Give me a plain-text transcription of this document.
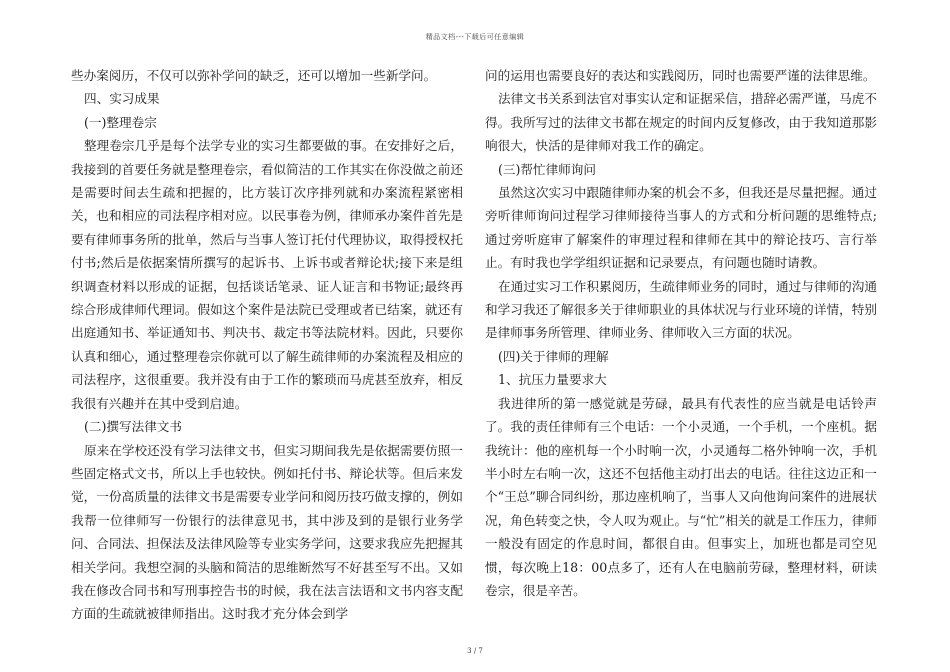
精品文档---下载后可任意编辑

些办案阅历，不仅可以弥补学问的缺乏，还可以增加一些新学问。

四、实习成果

(一)整理卷宗

整理卷宗几乎是每个法学专业的实习生都要做的事。在安排好之后，我接到的首要任务就是整理卷宗，看似简洁的工作其实在你没做之前还是需要时间去生疏和把握的，比方装订次序排列就和办案流程紧密相关，也和相应的司法程序相对应。以民事卷为例，律师承办案件首先是要有律师事务所的批单，然后与当事人签订托付代理协议，取得授权托付书;然后是依据案情所撰写的起诉书、上诉书或者辩论状;接下来是组织调查材料以形成的证据，包括谈话笔录、证人证言和书物证;最终再综合形成律师代理词。假如这个案件是法院已受理或者已结案，就还有出庭通知书、举证通知书、判决书、裁定书等法院材料。因此，只要你认真和细心，通过整理卷宗你就可以了解生疏律师的办案流程及相应的司法程序，这很重要。我并没有由于工作的繁琐而马虎甚至放弃，相反我很有兴趣并在其中受到启迪。

(二)撰写法律文书

原来在学校还没有学习法律文书，但实习期间我先是依据需要仿照一些固定格式文书，所以上手也较快。例如托付书、辩论状等。但后来发觉，一份高质量的法律文书是需要专业学问和阅历技巧做支撑的，例如我帮一位律师写一份银行的法律意见书，其中涉及到的是银行业务学问、合同法、担保法及法律风险等专业实务学问，这要求我应先把握其相关学问。我想空洞的头脑和简洁的思维断然写不好甚至写不出。又如我在修改合同书和写刑事控告书的时候，我在法言法语和文书内容支配方面的生疏就被律师指出。这时我才充分体会到学

问的运用也需要良好的表达和实践阅历，同时也需要严谨的法律思维。

法律文书关系到法官对事实认定和证据采信，措辞必需严谨，马虎不得。我所写过的法律文书都在规定的时间内反复修改，由于我知道那影响很大，快活的是律师对我工作的确定。

(三)帮忙律师询问

虽然这次实习中跟随律师办案的机会不多，但我还是尽量把握。通过旁听律师询问过程学习律师接待当事人的方式和分析问题的思维特点;通过旁听庭审了解案件的审理过程和律师在其中的辩论技巧、言行举止。有时我也学学组织证据和记录要点，有问题也随时请教。

在通过实习工作积累阅历，生疏律师业务的同时，通过与律师的沟通和学习我还了解很多关于律师职业的具体状况与行业环境的详情，特别是律师事务所管理、律师业务、律师收入三方面的状况。

(四)关于律师的理解

1、抗压力量要求大

我进律所的第一感觉就是劳碌，最具有代表性的应当就是电话铃声了。我的责任律师有三个电话：一个小灵通，一个手机，一个座机。据我统计：他的座机每一个小时响一次，小灵通每二格外钟响一次，手机半小时左右响一次，这还不包括他主动打出去的电话。往往这边正和一个“王总”聊合同纠纷，那边座机响了，当事人又向他询问案件的进展状况，角色转变之快，令人叹为观止。与“忙”相关的就是工作压力，律师一般没有固定的作息时间，都很自由。但事实上，加班也都是司空见惯，每次晚上18：00点多了，还有人在电脑前劳碌，整理材料，研读卷宗，很是辛苦。

3 / 7
